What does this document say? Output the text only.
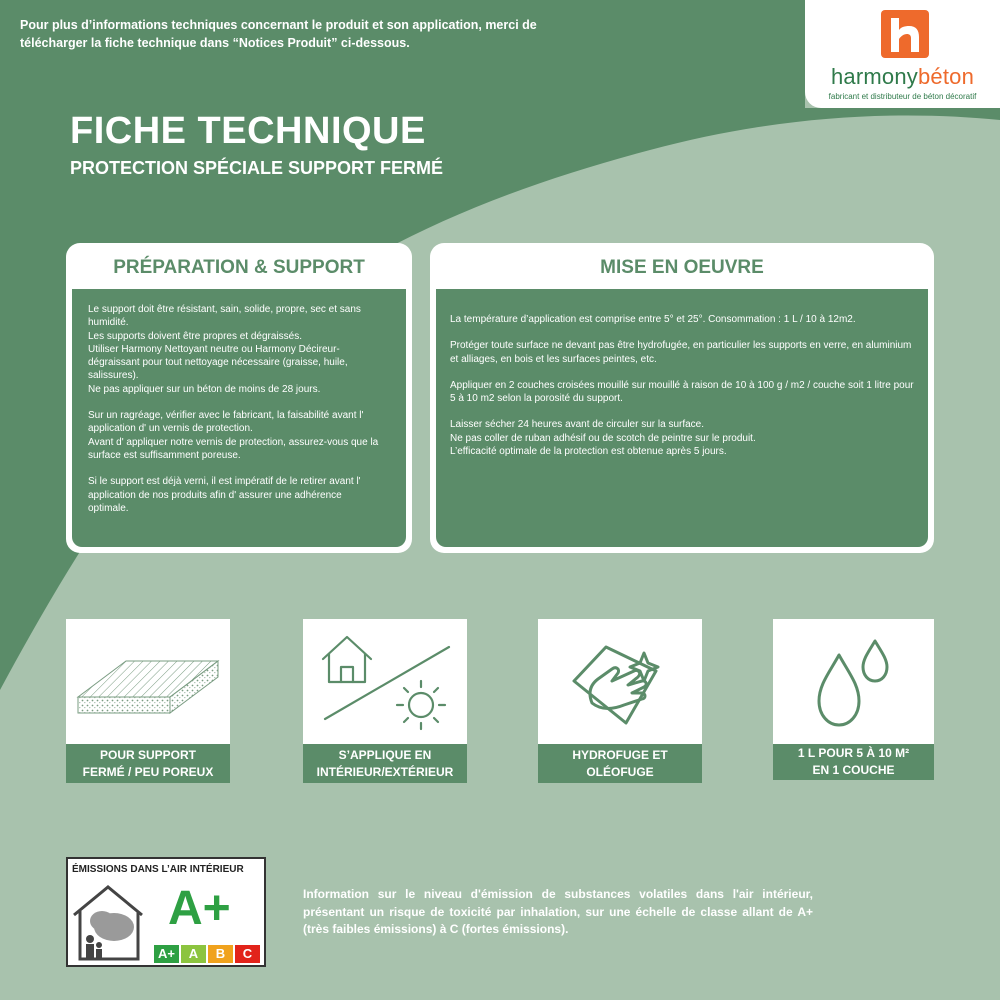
Pour plus d’informations techniques concernant le produit et son application, merci de télécharger la fiche technique dans “Notices Produit” ci-dessous.
harmonybéton
fabricant et distributeur de béton décoratif
FICHE TECHNIQUE
PROTECTION SPÉCIALE SUPPORT FERMÉ
PRÉPARATION & SUPPORT

Le support doit être résistant, sain, solide, propre, sec et sans humidité.
Les supports doivent être propres et dégraissés.
Utiliser Harmony Nettoyant neutre ou Harmony Décireur-dégraissant pour tout nettoyage nécessaire (graisse, huile, salissures).
Ne pas appliquer sur un béton de moins de 28 jours.

Sur un ragréage, vérifier avec le fabricant, la faisabilité avant l' application d' un vernis de protection.
Avant d' appliquer notre vernis de protection, assurez-vous que la surface est suffisamment poreuse.

Si le support est déjà verni, il est impératif de le retirer avant l' application de nos produits afin d' assurer une adhérence optimale.

MISE EN OEUVRE

La température d’application est comprise entre 5° et 25°. Consommation : 1 L / 10 à 12m2.

Protéger toute surface ne devant pas être hydrofugée, en particulier les supports en verre, en aluminium et alliages, en bois et les surfaces peintes, etc.

Appliquer en 2 couches croisées mouillé sur mouillé à raison de 10 à 100 g / m2 / couche soit 1 litre pour 5 à 10 m2 selon la porosité du support.

Laisser sécher 24 heures avant de circuler sur la surface.
Ne pas coller de ruban adhésif ou de scotch de peintre sur le produit.
L’efficacité optimale de la protection est obtenue après 5 jours.

POUR SUPPORT
FERMÉ / PEU POREUX
S’APPLIQUE EN
INTÉRIEUR/EXTÉRIEUR
HYDROFUGE ET
OLÉOFUGE
1 L POUR 5 À 10 M²
EN 1 COUCHE
ÉMISSIONS DANS L’AIR INTÉRIEUR
A+
A+	A	B	C
Information sur le niveau d'émission de substances volatiles dans l'air intérieur, présentant un risque de toxicité par inhalation, sur une échelle de classe allant de A+ (très faibles émissions) à C (fortes émissions).
